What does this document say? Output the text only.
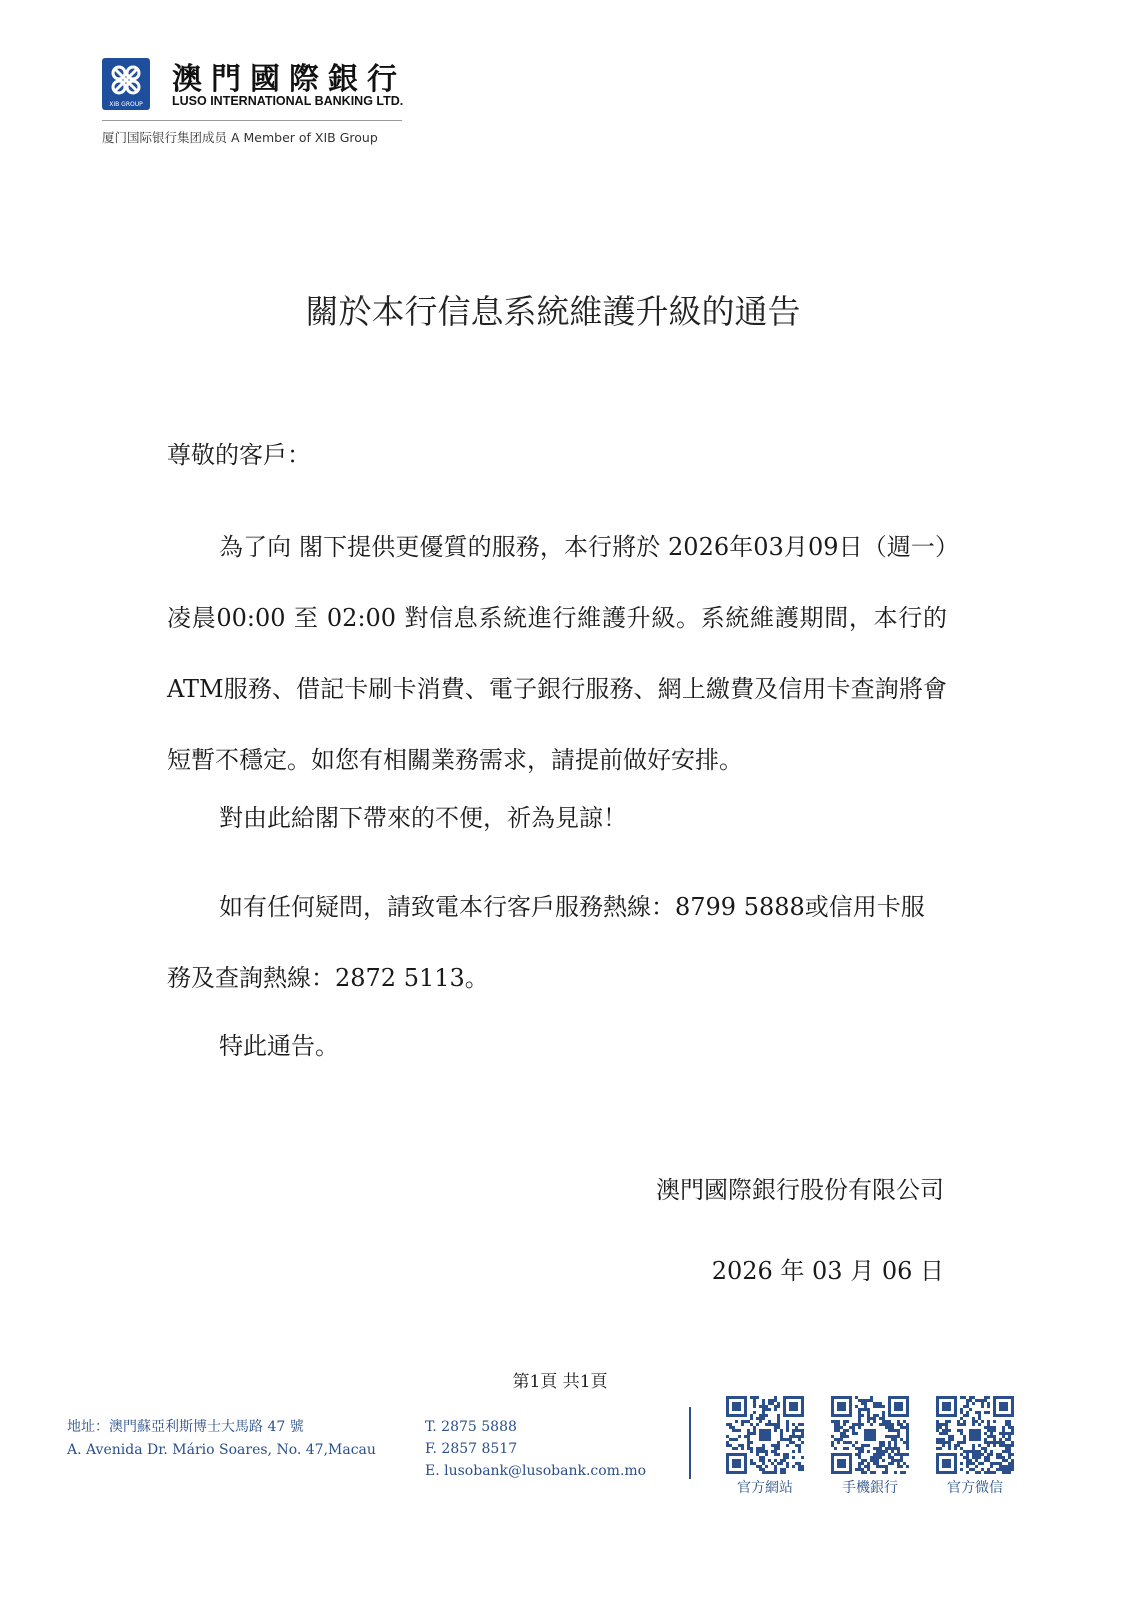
XIB GROUP
澳門國際銀行
LUSO INTERNATIONAL BANKING LTD.
厦门国际银行集团成员 A Member of XIB Group
關於本行信息系統維護升級的通告
尊敬的客戶：
為了向 閣下提供更優質的服務，本行將於 2026年03月09日（週一）凌晨00:00 至 02:00 對信息系統進行維護升級。系統維護期間，本行的ATM服務、借記卡刷卡消費、電子銀行服務、網上繳費及信用卡查詢將會短暫不穩定。如您有相關業務需求，請提前做好安排。
對由此給閣下帶來的不便，祈為見諒！
如有任何疑問，請致電本行客戶服務熱線：8799 5888或信用卡服務及查詢熱線：2872 5113。
特此通告。
澳門國際銀行股份有限公司
2026 年 03 月 06 日
第1頁 共1頁
地址：澳門蘇亞利斯博士大馬路 47 號
A. Avenida Dr. Mário Soares, No. 47,Macau
T. 2875 5888
F. 2857 8517
E. lusobank@lusobank.com.mo
官方網站	手機銀行	官方微信
